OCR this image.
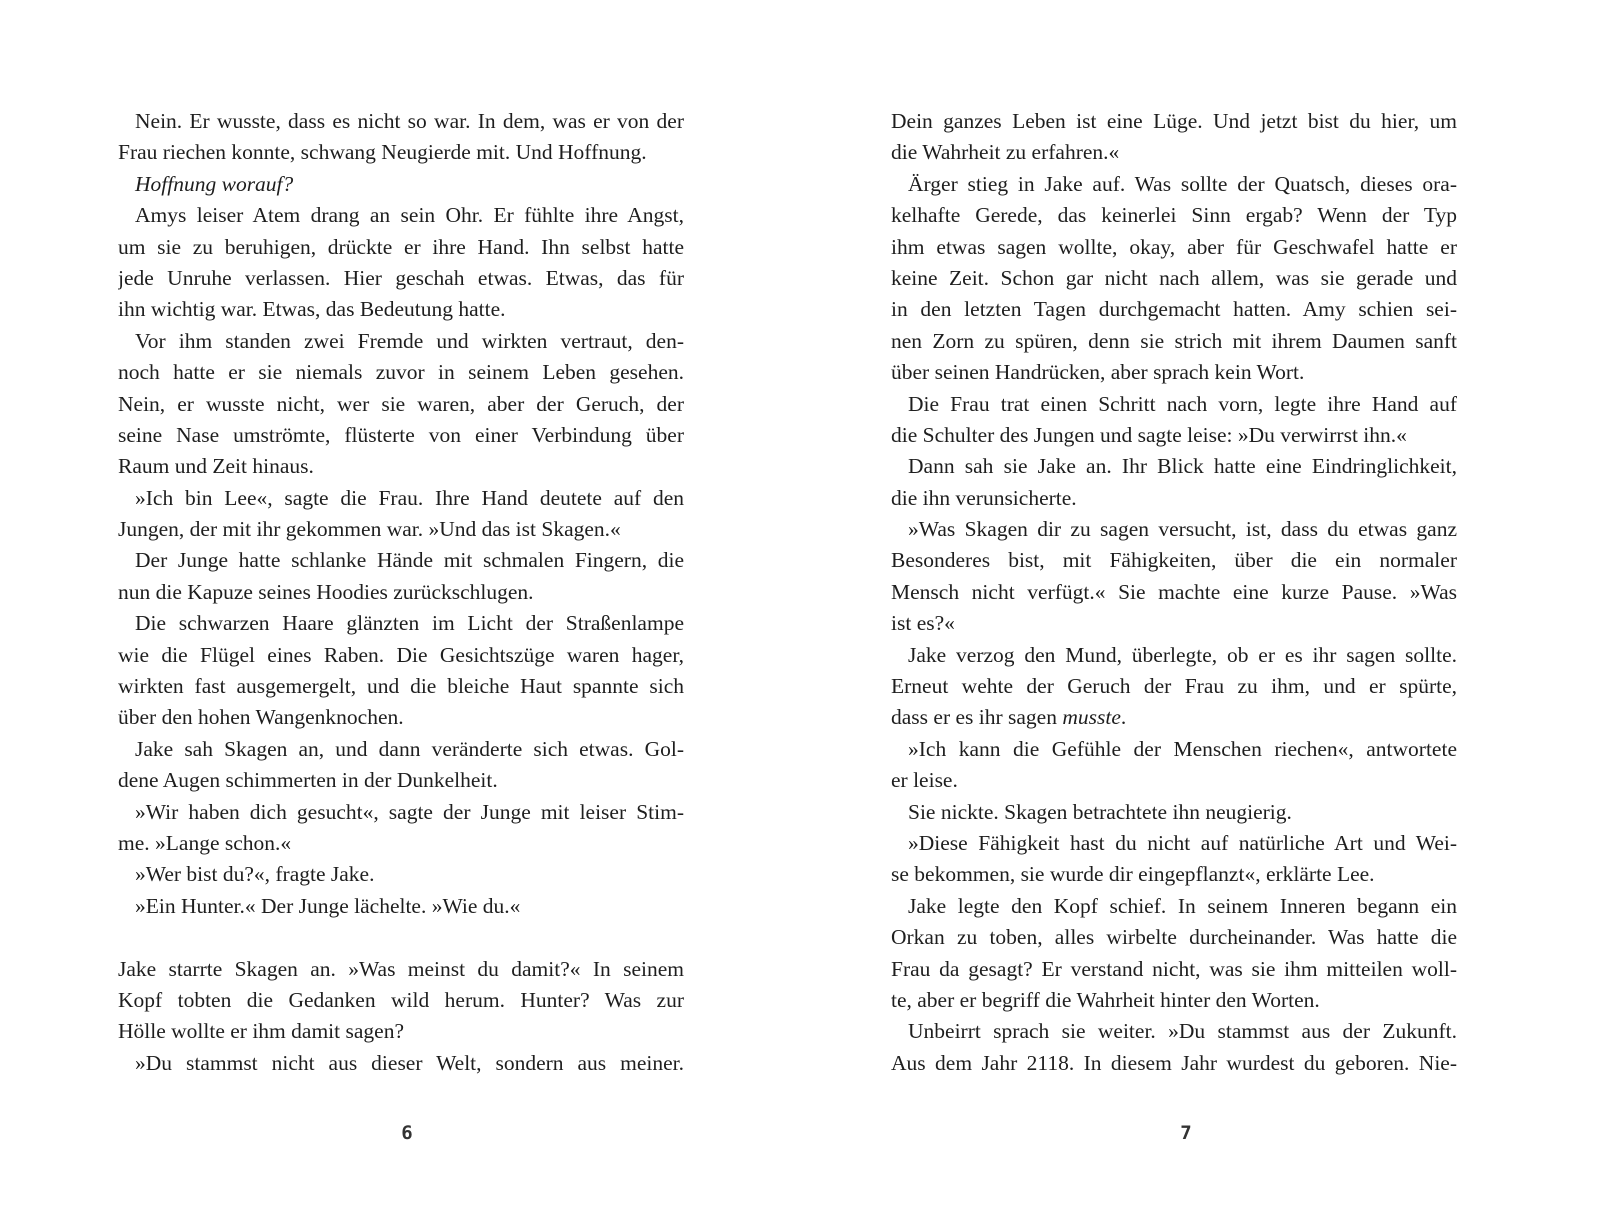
Nein. Er wusste, dass es nicht so war. In dem, was er von der
Frau riechen konnte, schwang Neugierde mit. Und Hoffnung.
Hoffnung worauf?
Amys leiser Atem drang an sein Ohr. Er fühlte ihre Angst,
um sie zu beruhigen, drückte er ihre Hand. Ihn selbst hatte
jede Unruhe verlassen. Hier geschah etwas. Etwas, das für
ihn wichtig war. Etwas, das Bedeutung hatte.
Vor ihm standen zwei Fremde und wirkten vertraut, den-
noch hatte er sie niemals zuvor in seinem Leben gesehen.
Nein, er wusste nicht, wer sie waren, aber der Geruch, der
seine Nase umströmte, flüsterte von einer Verbindung über
Raum und Zeit hinaus.
»Ich bin Lee«, sagte die Frau. Ihre Hand deutete auf den
Jungen, der mit ihr gekommen war. »Und das ist Skagen.«
Der Junge hatte schlanke Hände mit schmalen Fingern, die
nun die Kapuze seines Hoodies zurückschlugen.
Die schwarzen Haare glänzten im Licht der Straßenlampe
wie die Flügel eines Raben. Die Gesichtszüge waren hager,
wirkten fast ausgemergelt, und die bleiche Haut spannte sich
über den hohen Wangenknochen.
Jake sah Skagen an, und dann veränderte sich etwas. Gol-
dene Augen schimmerten in der Dunkelheit.
»Wir haben dich gesucht«, sagte der Junge mit leiser Stim-
me. »Lange schon.«
»Wer bist du?«, fragte Jake.
»Ein Hunter.« Der Junge lächelte. »Wie du.«
Jake starrte Skagen an. »Was meinst du damit?« In seinem
Kopf tobten die Gedanken wild herum. Hunter? Was zur
Hölle wollte er ihm damit sagen?
»Du stammst nicht aus dieser Welt, sondern aus meiner.
Dein ganzes Leben ist eine Lüge. Und jetzt bist du hier, um
die Wahrheit zu erfahren.«
Ärger stieg in Jake auf. Was sollte der Quatsch, dieses ora-
kelhafte Gerede, das keinerlei Sinn ergab? Wenn der Typ
ihm etwas sagen wollte, okay, aber für Geschwafel hatte er
keine Zeit. Schon gar nicht nach allem, was sie gerade und
in den letzten Tagen durchgemacht hatten. Amy schien sei-
nen Zorn zu spüren, denn sie strich mit ihrem Daumen sanft
über seinen Handrücken, aber sprach kein Wort.
Die Frau trat einen Schritt nach vorn, legte ihre Hand auf
die Schulter des Jungen und sagte leise: »Du verwirrst ihn.«
Dann sah sie Jake an. Ihr Blick hatte eine Eindringlichkeit,
die ihn verunsicherte.
»Was Skagen dir zu sagen versucht, ist, dass du etwas ganz
Besonderes bist, mit Fähigkeiten, über die ein normaler
Mensch nicht verfügt.« Sie machte eine kurze Pause. »Was
ist es?«
Jake verzog den Mund, überlegte, ob er es ihr sagen sollte.
Erneut wehte der Geruch der Frau zu ihm, und er spürte,
dass er es ihr sagen musste.
»Ich kann die Gefühle der Menschen riechen«, antwortete
er leise.
Sie nickte. Skagen betrachtete ihn neugierig.
»Diese Fähigkeit hast du nicht auf natürliche Art und Wei-
se bekommen, sie wurde dir eingepflanzt«, erklärte Lee.
Jake legte den Kopf schief. In seinem Inneren begann ein
Orkan zu toben, alles wirbelte durcheinander. Was hatte die
Frau da gesagt? Er verstand nicht, was sie ihm mitteilen woll-
te, aber er begriff die Wahrheit hinter den Worten.
Unbeirrt sprach sie weiter. »Du stammst aus der Zukunft.
Aus dem Jahr 2118. In diesem Jahr wurdest du geboren. Nie-
6	7
